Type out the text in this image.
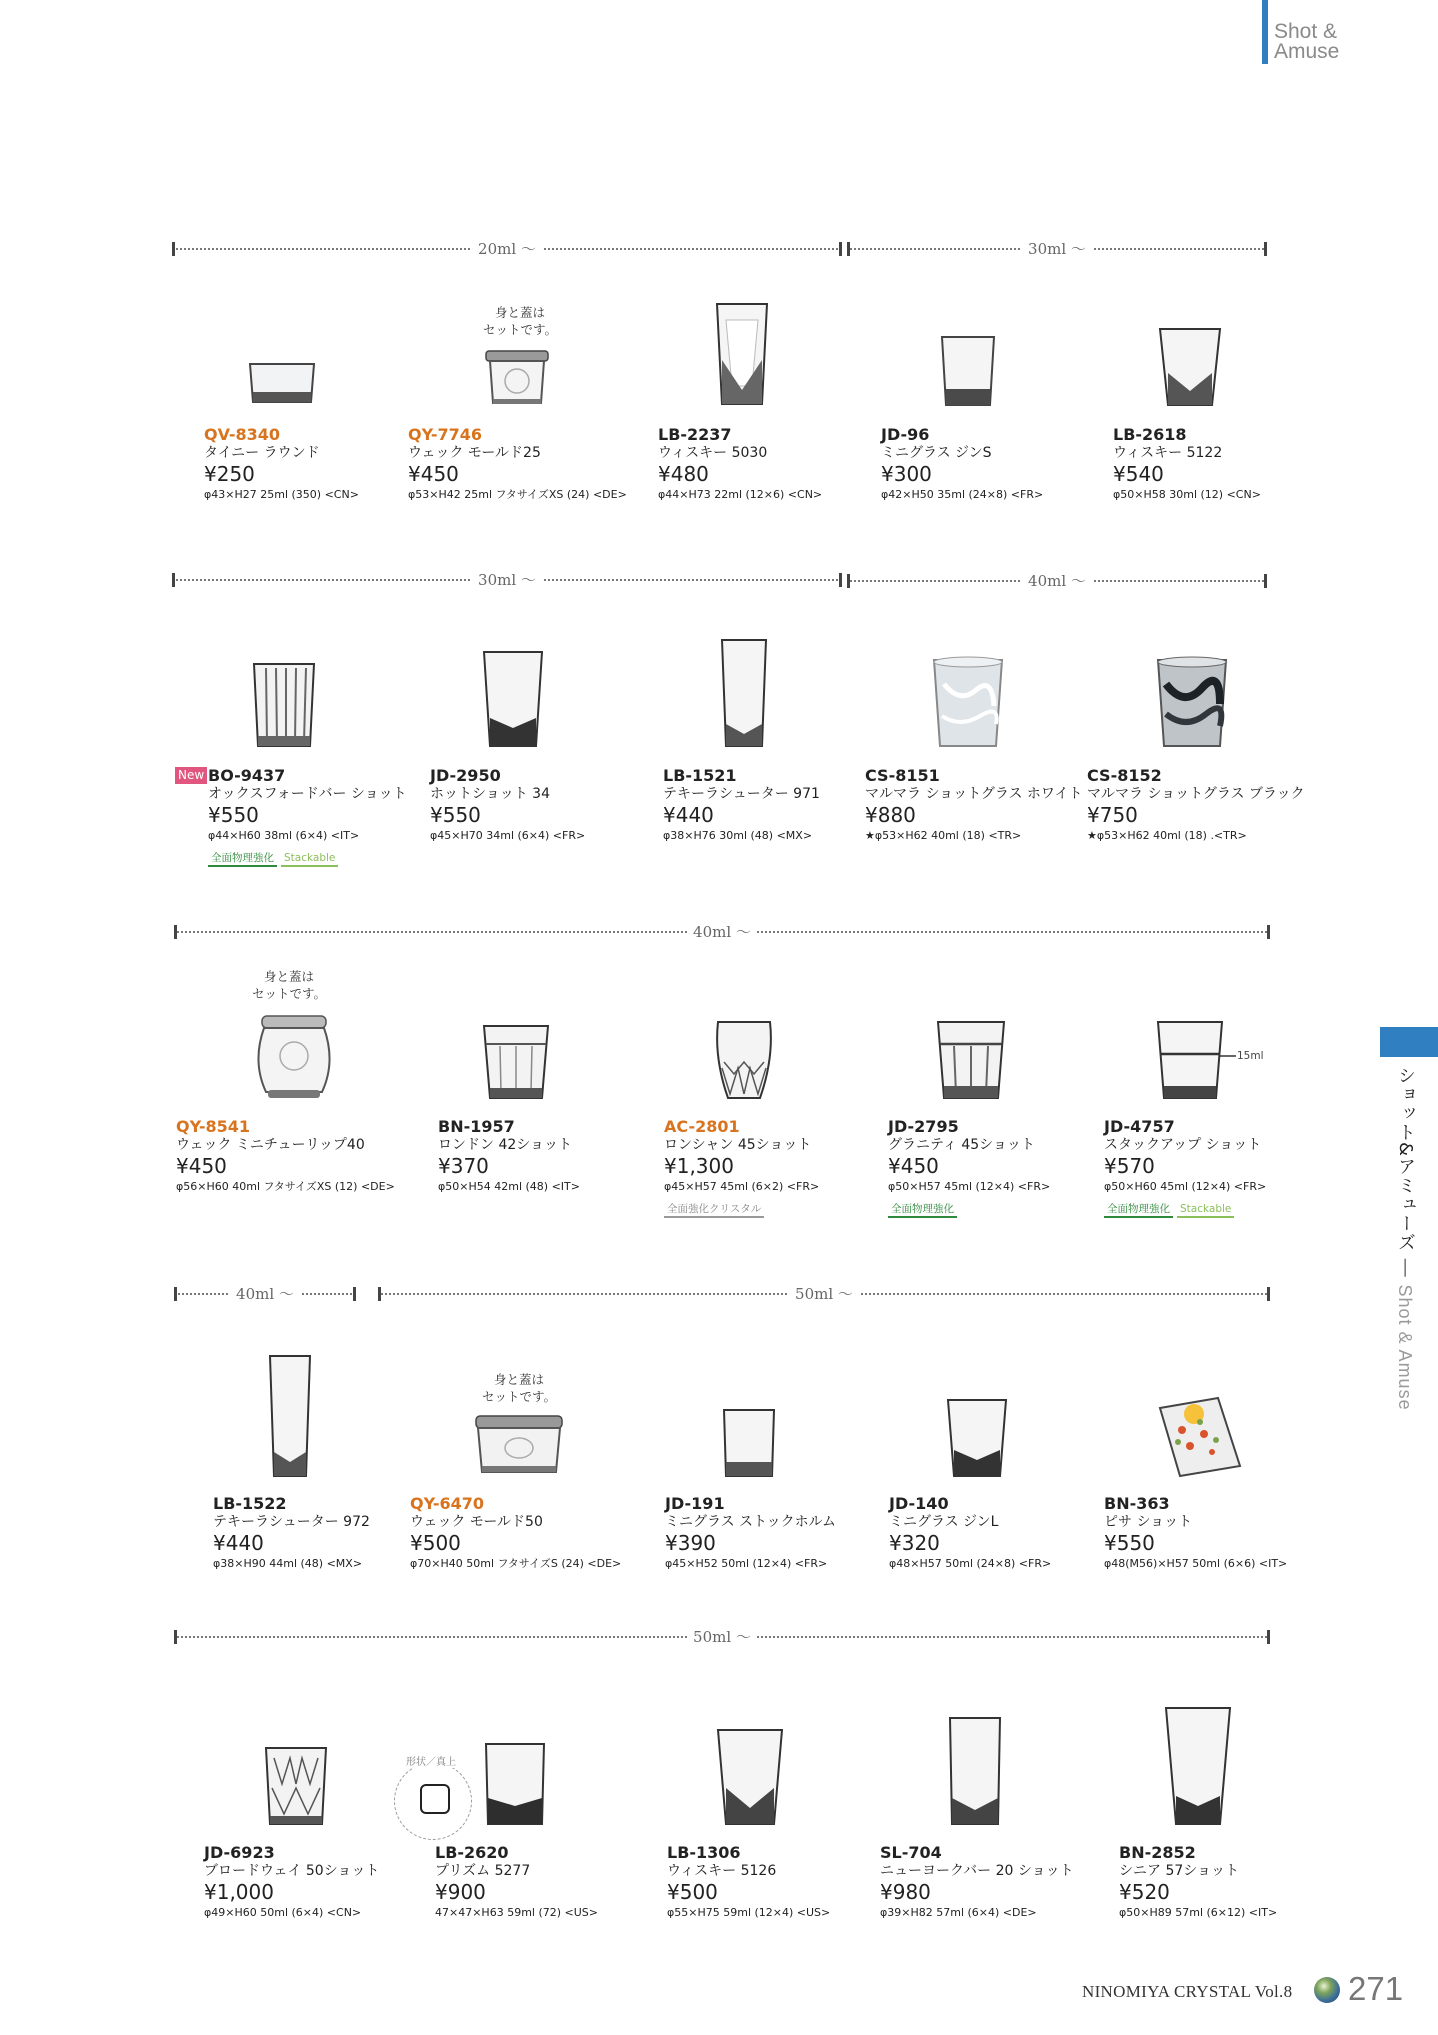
Shot &
Amuse
ショット&アミューズ ― Shot & Amuse
20ml ～	30ml ～
30ml ～	40ml ～
40ml ～
40ml ～	50ml ～
50ml ～
身と蓋は
セットです。
身と蓋は
セットです。
身と蓋は
セットです。
15ml
形状／真上
QV-8340
タイニー ラウンド
¥250
φ43×H27 25ml (350) <CN>
QY-7746
ウェック モールド25
¥450
φ53×H42 25ml フタサイズXS (24) <DE>
LB-2237
ウィスキー 5030
¥480
φ44×H73 22ml (12×6) <CN>
JD-96
ミニグラス ジンS
¥300
φ42×H50 35ml (24×8) <FR>
LB-2618
ウィスキー 5122
¥540
φ50×H58 30ml (12) <CN>
New BO-9437
オックスフォードバー ショット
¥550
φ44×H60 38ml (6×4) <IT>
全面物理強化 Stackable
JD-2950
ホットショット 34
¥550
φ45×H70 34ml (6×4) <FR>
LB-1521
テキーラシューター 971
¥440
φ38×H76 30ml (48) <MX>
CS-8151
マルマラ ショットグラス ホワイト
¥880
★φ53×H62 40ml (18) <TR>
CS-8152
マルマラ ショットグラス ブラック
¥750
★φ53×H62 40ml (18) .<TR>
QY-8541
ウェック ミニチューリップ40
¥450
φ56×H60 40ml フタサイズXS (12) <DE>
BN-1957
ロンドン 42ショット
¥370
φ50×H54 42ml (48) <IT>
AC-2801
ロンシャン 45ショット
¥1,300
φ45×H57 45ml (6×2) <FR>
全面強化クリスタル
JD-2795
グラニティ 45ショット
¥450
φ50×H57 45ml (12×4) <FR>
全面物理強化
JD-4757
スタックアップ ショット
¥570
φ50×H60 45ml (12×4) <FR>
全面物理強化 Stackable
LB-1522
テキーラシューター 972
¥440
φ38×H90 44ml (48) <MX>
QY-6470
ウェック モールド50
¥500
φ70×H40 50ml フタサイズS (24) <DE>
JD-191
ミニグラス ストックホルム
¥390
φ45×H52 50ml (12×4) <FR>
JD-140
ミニグラス ジンL
¥320
φ48×H57 50ml (24×8) <FR>
BN-363
ピサ ショット
¥550
φ48(M56)×H57 50ml (6×6) <IT>
JD-6923
ブロードウェイ 50ショット
¥1,000
φ49×H60 50ml (6×4) <CN>
LB-2620
プリズム 5277
¥900
47×47×H63 59ml (72) <US>
LB-1306
ウィスキー 5126
¥500
φ55×H75 59ml (12×4) <US>
SL-704
ニューヨークバー 20 ショット
¥980
φ39×H82 57ml (6×4) <DE>
BN-2852
シニア 57ショット
¥520
φ50×H89 57ml (6×12) <IT>
NINOMIYA CRYSTAL Vol.8 271
